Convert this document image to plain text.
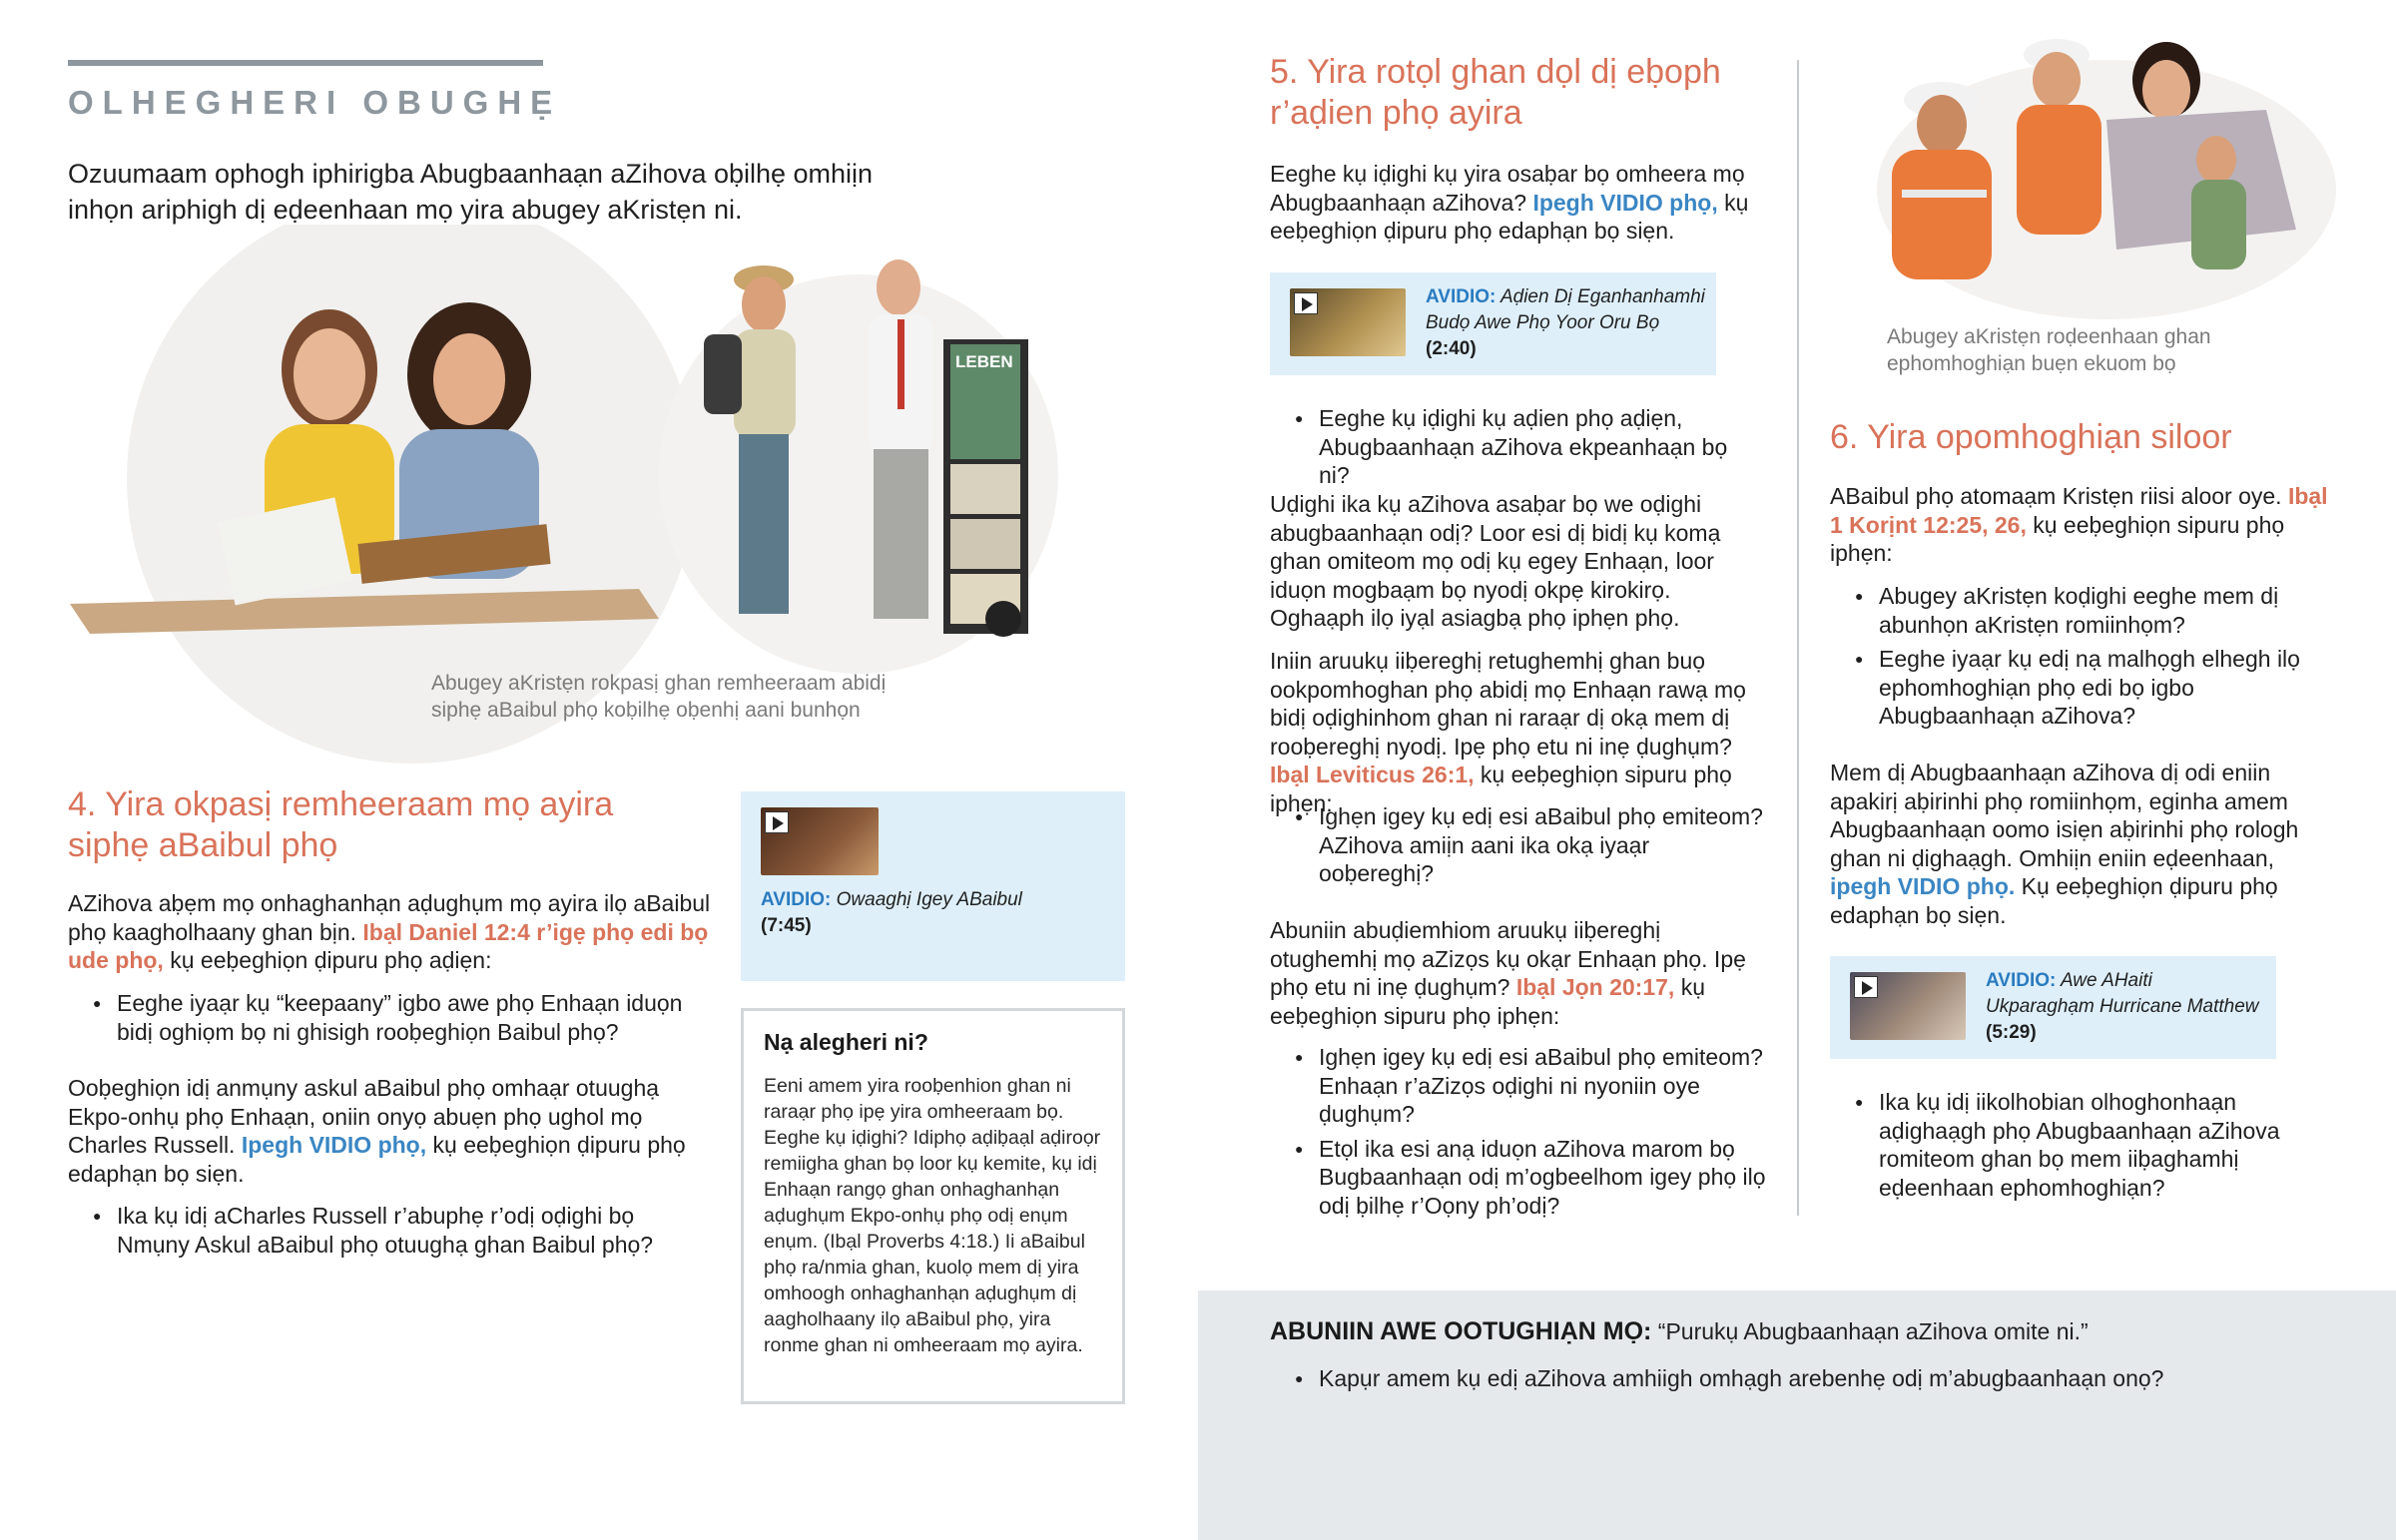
OLHEGHERI OBUGHẸ

Ozuumaam ophogh iphirigba Abugbaanhaạn aZihova oḅilhẹ omhiịn inhọn ariphigh dị eḍeenhaan mọ yira abugey aKristẹn ni.

LEBEN
Abugey aKristẹn rokpasị ghan remheeraam abidị siphẹ aBaibul phọ koḅilhẹ oḅenhị aani bunhọn
4. Yira okpasị remheeraam mọ ayira siphẹ aBaibul phọ

AZihova aḅẹm mọ onhaghanhạn aḍughụm mọ ayira ilọ aBaibul phọ kaagholhaany ghan bịn. Ibạl Daniel 12:4 r’igẹ phọ edi bọ ude phọ, kụ eeḅeghiọn ḍipuru phọ aḍiẹn:

● Eeghe iyaạr kụ “keepaany” igbo awe phọ Enhaạn iduọn bidị oghiọm bọ ni ghisigh rooḅeghiọn Baibul phọ?

Ooḅeghiọn idị anmụny askul aBaibul phọ omhaạr otuughạ Ekpo-onhụ phọ Enhaạn, oniin onyọ abuẹn phọ ughol mọ Charles Russell. Ipegh VIDIO phọ, kụ eeḅeghiọn ḍipuru phọ edaphạn bọ siẹn.

● Ika kụ idị aCharles Russell r’abuphẹ r’odị oḍighi bọ Nmụny Askul aBaibul phọ otuughạ ghan Baibul phọ?
AVIDIO: Owaaghị Igey ABaibul
(7:45)
Nạ alegheri ni?
Eeni amem yira rooḅenhion ghan ni raraạr phọ ipẹ yira omheeraam bọ. Eeghe kụ iḍighi? Idiphọ aḍiḅaạl aḍiroọr remiigha ghan bọ loor kụ kemite, kụ idị Enhaạn rangọ ghan onhaghanhạn aḍughụm Ekpo-onhụ phọ odị enụm enụm. (Ibạl Proverbs 4:18.) Ii aBaibul phọ ra/nmia ghan, kuolọ mem dị yira omhoogh onhaghanhạn aḍughụm dị aagholhaany ilọ aBaibul phọ, yira ronme ghan ni omheeraam mọ ayira.
5. Yira rotọl ghan dọl dị eḅoph r’aḍien phọ ayira

Eeghe kụ iḍighi kụ yira osaḅar bọ omheera mọ Abugbaanhaạn aZihova? Ipegh VIDIO phọ, kụ eeḅeghiọn ḍipuru phọ edaphạn bọ siẹn.

AVIDIO: Aḍien Dị Eganhanhamhi Budọ Awe Phọ Yoor Oru Bọ (2:40)
● Eeghe kụ iḍighi kụ aḍien phọ aḍiẹn, Abugbaanhaạn aZihova ekpeanhaạn bọ ni?

Uḍighi ika kụ aZihova asaḅar bọ we oḍighi abugbaanhaạn odị? Loor esi dị bidị kụ komạ ghan omiteom mọ odị kụ egey Enhaạn, loor iduọn mogbaạm bọ nyodị okpẹ kirokirọ. Oghaạph ilọ iyạl asiagbạ phọ iphẹn phọ.

Iniin aruukụ iiḅereghị retughemhị ghan buọ ookpomhoghan phọ abidị mọ Enhaạn rawạ mọ bidị oḍighinhom ghan ni raraạr dị okạ mem dị rooḅereghị nyodị. Ipẹ phọ etu ni inẹ ḍughụm? Ibạl Leviticus 26:1, kụ eeḅeghiọn sipuru phọ iphẹn:

● Ighẹn igey kụ edị esi aBaibul phọ emiteom? AZihova amiịn aani ika okạ iyaạr ooḅereghị?

Abuniin abuḍiemhiom aruukụ iiḅereghị otughemhị mọ aZizọs kụ okạr Enhaạn phọ. Ipẹ phọ etu ni inẹ ḍughụm? Ibạl Jọn 20:17, kụ eeḅeghiọn sipuru phọ iphẹn:

● Ighẹn igey kụ edị esi aBaibul phọ emiteom? Enhaạn r’aZizọs oḍighi ni nyoniin oye ḍughụm?
● Etọl ika esi anạ iduọn aZihova marom bọ Bugbaanhaạn odị m’ogbeelhom igey phọ ilọ odị ḅilhẹ r’Oọny ph’odị?
Abugey aKristẹn roḍeenhaan ghan ephomhoghiạn buẹn ekuom bọ
6. Yira opomhoghiạn siloor

ABaibul phọ atomaạm Kristẹn riisi aloor oye. Ibạl 1 Korịnt 12:25, 26, kụ eeḅeghiọn sipuru phọ iphẹn:

● Abugey aKristẹn koḍighi eeghe mem dị abunhọn aKristẹn romiinhọm?
● Eeghe iyaạr kụ edị nạ malhọgh elhegh ilọ ephomhoghiạn phọ edi bọ igbo Abugbaanhaạn aZihova?

Mem dị Abugbaanhaạn aZihova dị odi eniin apakirị aḅirinhi phọ romiinhọm, eginha amem Abugbaanhaạn oomo isiẹn aḅirinhi phọ rologh ghan ni ḍighaạgh. Omhiịn eniin eḍeenhaan, ipegh VIDIO phọ. Kụ eeḅeghiọn ḍipuru phọ edaphạn bọ siẹn.

AVIDIO: Awe AHaiti Ukparaghạm Hurricane Matthew (5:29)
● Ika kụ idị iikolhobian olhoghonhaạn aḍighaạgh phọ Abugbaanhaạn aZihova romiteom ghan bọ mem iiḅaghamhị eḍeenhaan ephomhoghiạn?
ABUNIIN AWE OOTUGHIẠN MỌ: “Purukụ Abugbaanhaạn aZihova omite ni.”
● Kapụr amem kụ edị aZihova amhiigh omhạgh arebenhẹ odị m’abugbaanhaạn onọ?
